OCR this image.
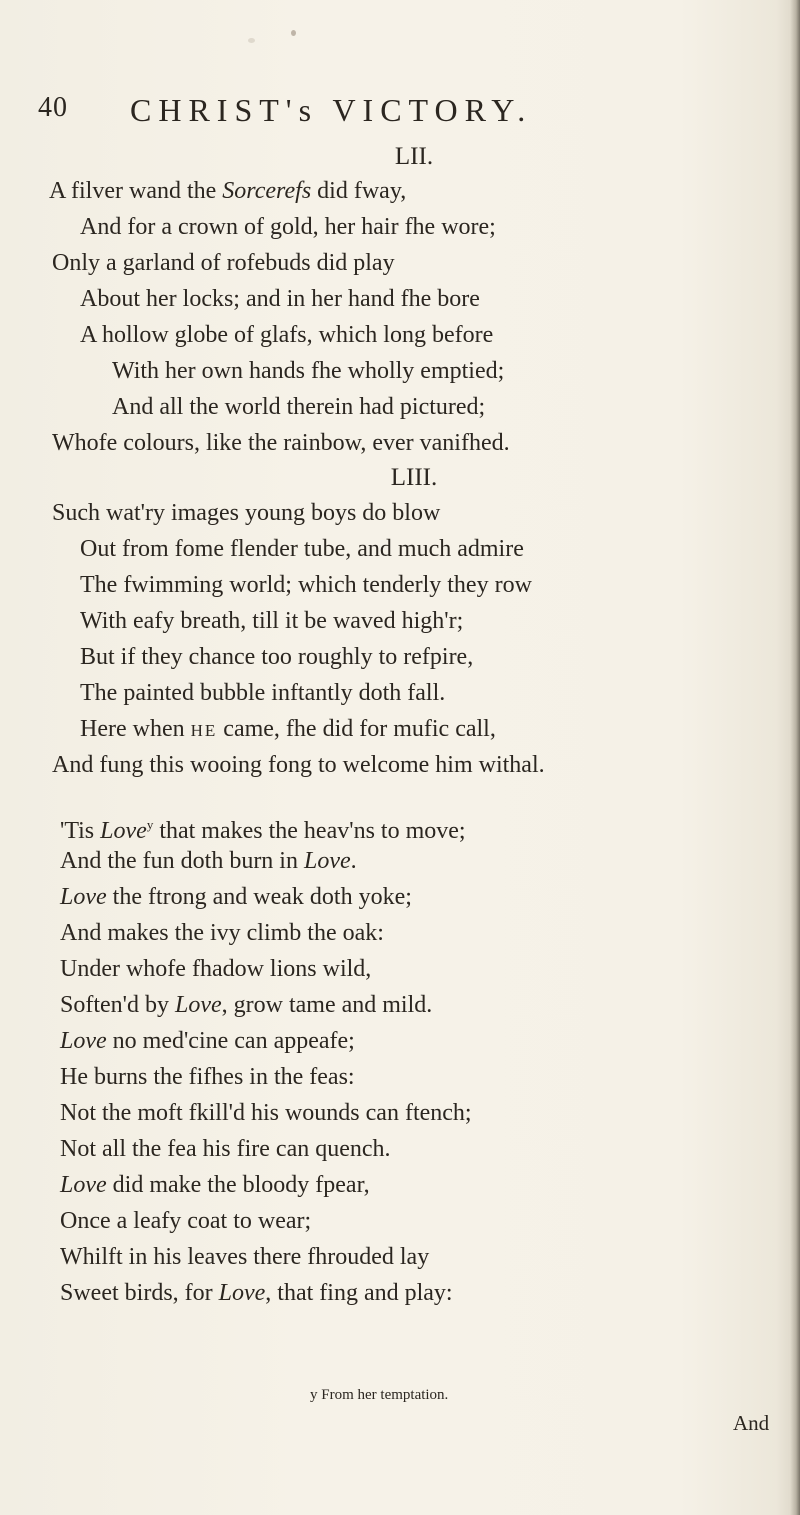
40 CHRIST's VICTORY.
LII.
A filver wand the Sorcerefs did fway,
And for a crown of gold, her hair fhe wore;
Only a garland of rofebuds did play
About her locks; and in her hand fhe bore
A hollow globe of glafs, which long before
With her own hands fhe wholly emptied;
And all the world therein had pictured;
Whofe colours, like the rainbow, ever vanifhed.
LIII.
Such wat'ry images young boys do blow
Out from fome flender tube, and much admire
The fwimming world; which tenderly they row
With eafy breath, till it be waved high'r;
But if they chance too roughly to refpire,
The painted bubble inftantly doth fall.
Here when HE came, fhe did for mufic call,
And fung this wooing fong to welcome him withal.
'Tis Love$^y$ that makes the heav'ns to move;
And the fun doth burn in Love.
Love the ftrong and weak doth yoke;
And makes the ivy climb the oak:
Under whofe fhadow lions wild,
Soften'd by Love, grow tame and mild.
Love no med'cine can appeafe;
He burns the fifhes in the feas:
Not the moft fkill'd his wounds can ftench;
Not all the fea his fire can quench.
Love did make the bloody fpear,
Once a leafy coat to wear;
Whilft in his leaves there fhrouded lay
Sweet birds, for Love, that fing and play:
y From her temptation.
And
